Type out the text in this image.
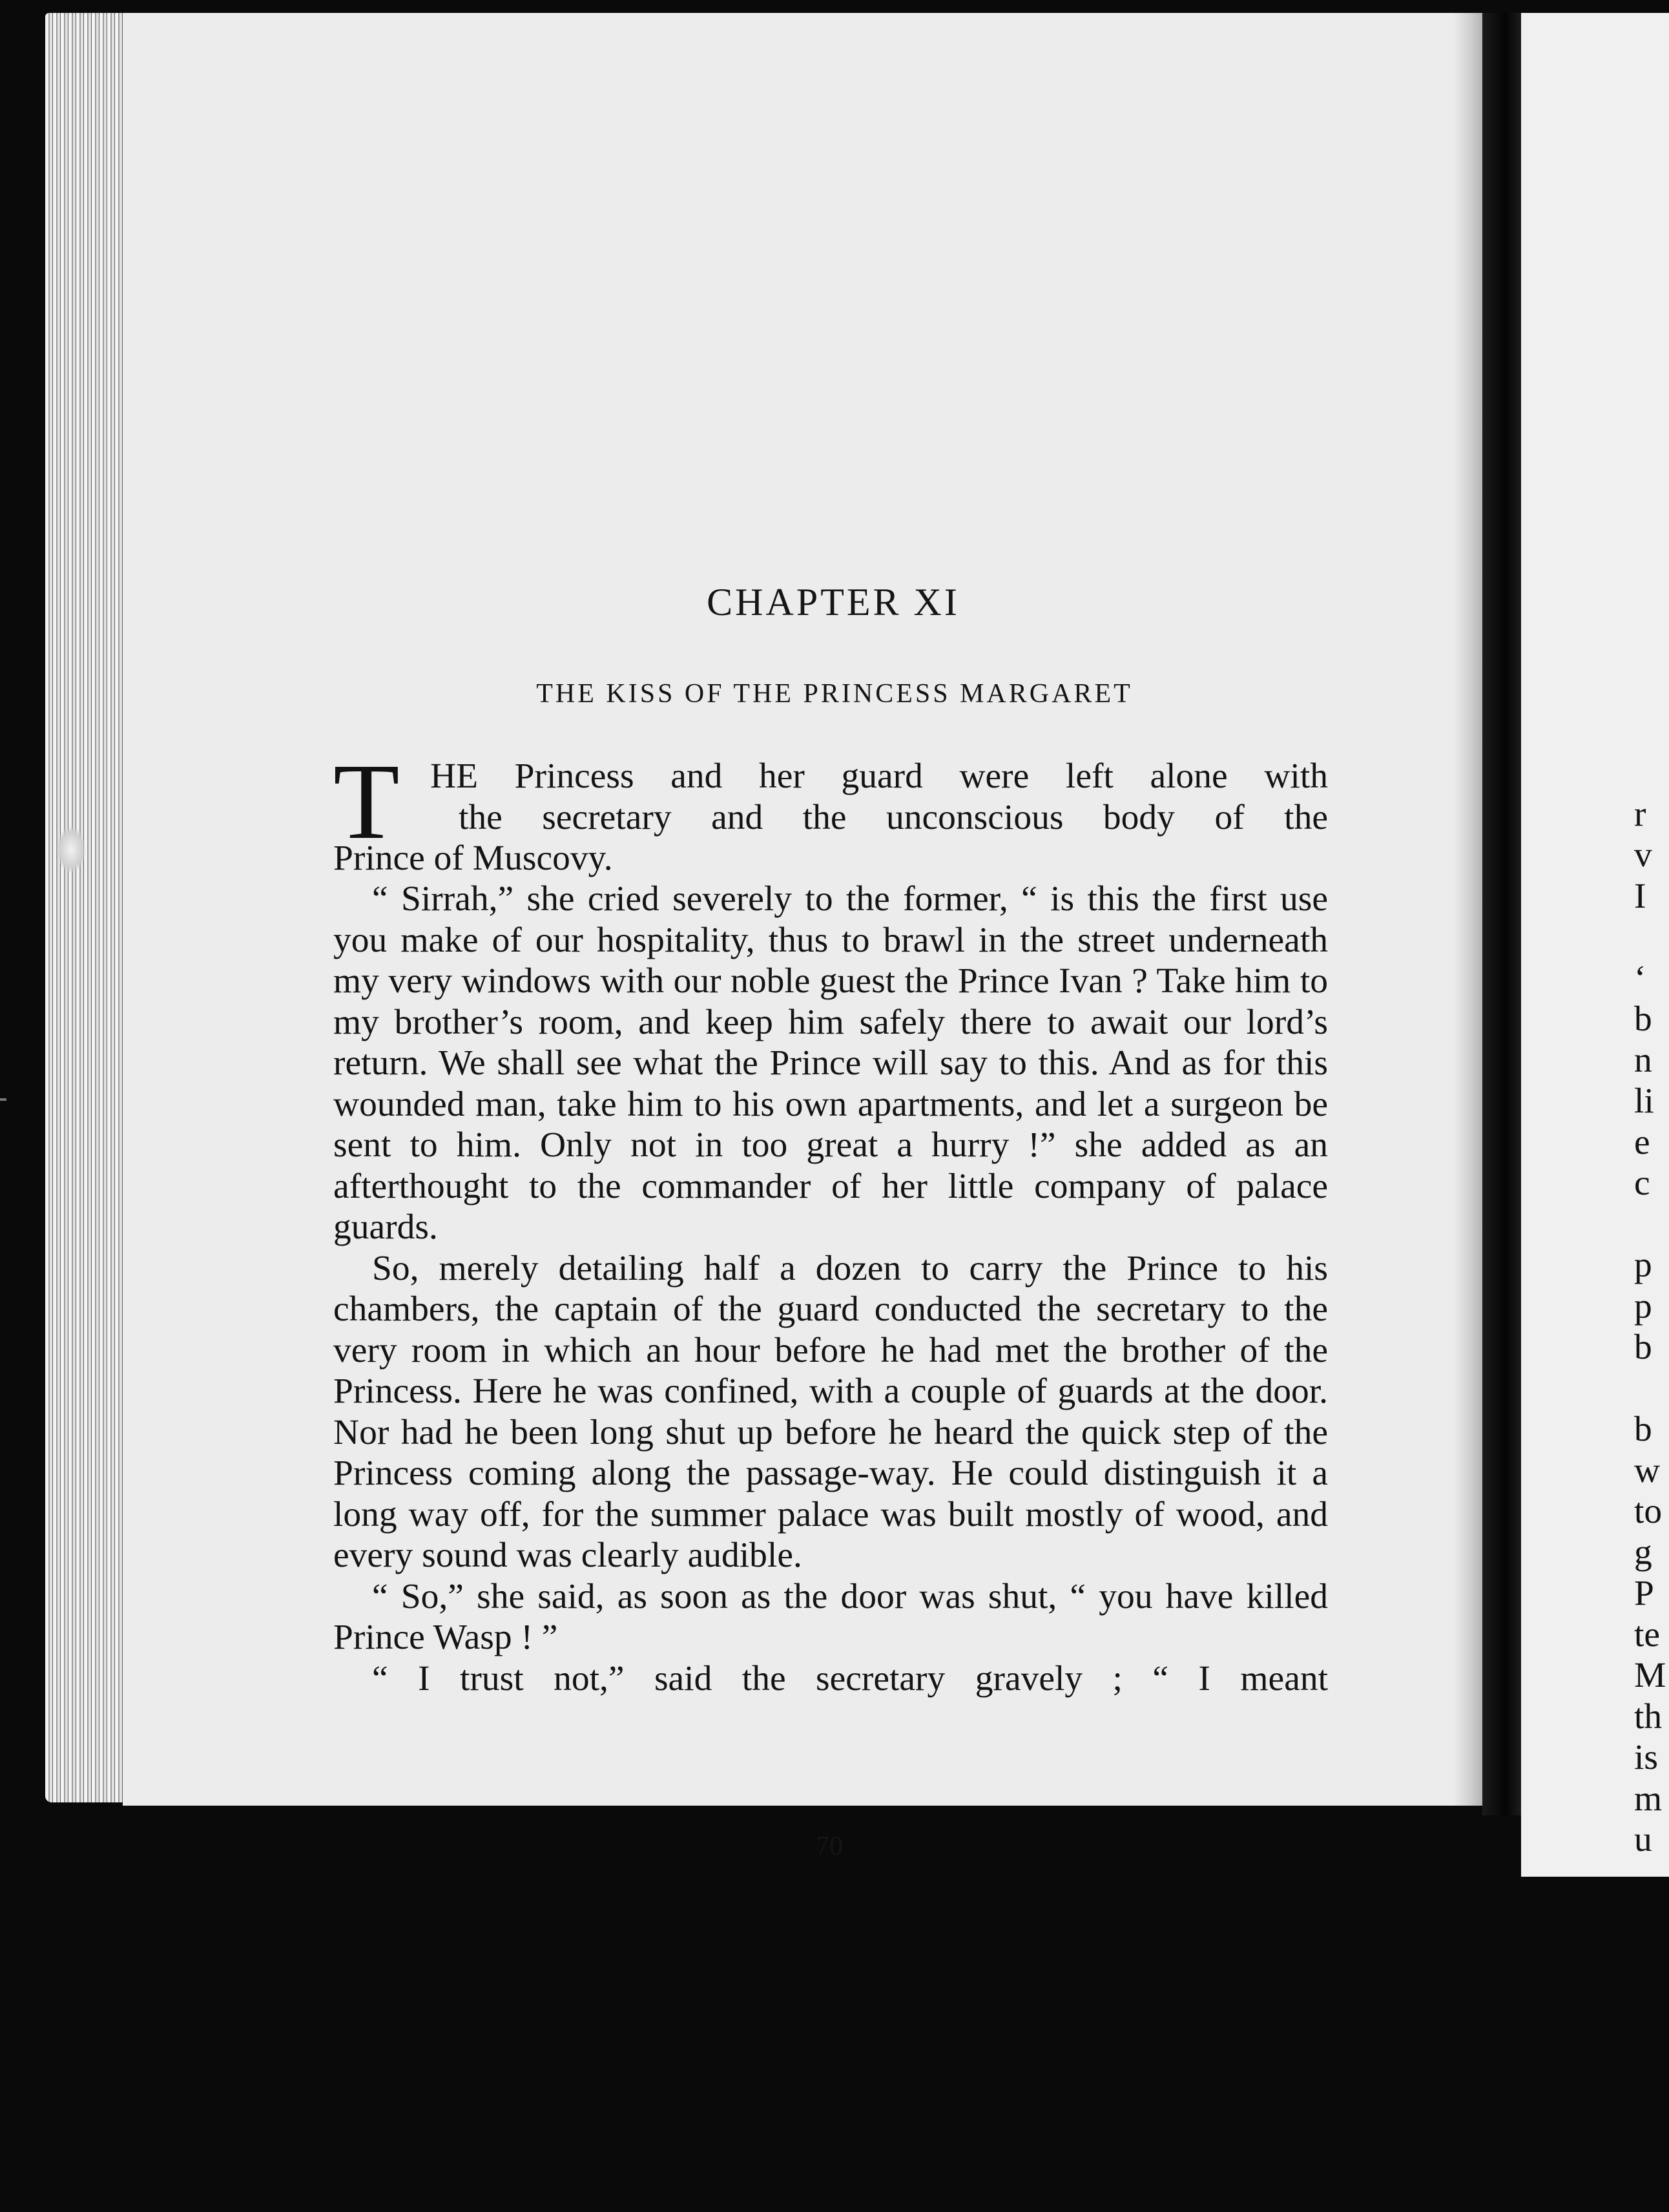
CHAPTER XI
THE KISS OF THE PRINCESS MARGARET
T HE Princess and her guard were left alone with

the secretary and the unconscious body of the

Prince of Muscovy.

“ Sirrah,” she cried severely to the former, “ is this the first use you make of our hospitality, thus to brawl in the street underneath my very windows with our noble guest the Prince Ivan ? Take him to my brother’s room, and keep him safely there to await our lord’s return. We shall see what the Prince will say to this. And as for this wounded man, take him to his own apartments, and let a surgeon be sent to him. Only not in too great a hurry !” she added as an afterthought to the commander of her little company of palace guards.

So, merely detailing half a dozen to carry the Prince to his chambers, the captain of the guard conducted the secretary to the very room in which an hour before he had met the brother of the Princess. Here he was confined, with a couple of guards at the door. Nor had he been long shut up before he heard the quick step of the Princess coming along the passage-way. He could distinguish it a long way off, for the summer palace was built mostly of wood, and every sound was clearly audible.

“ So,” she said, as soon as the door was shut, “ you have killed Prince Wasp ! ”

“ I trust not,” said the secretary gravely ; “ I meant

70
r
v
I
‘
b
n
li
e
c
p
p
b
b
w
to
g
P
te
M
th
is
m
u
